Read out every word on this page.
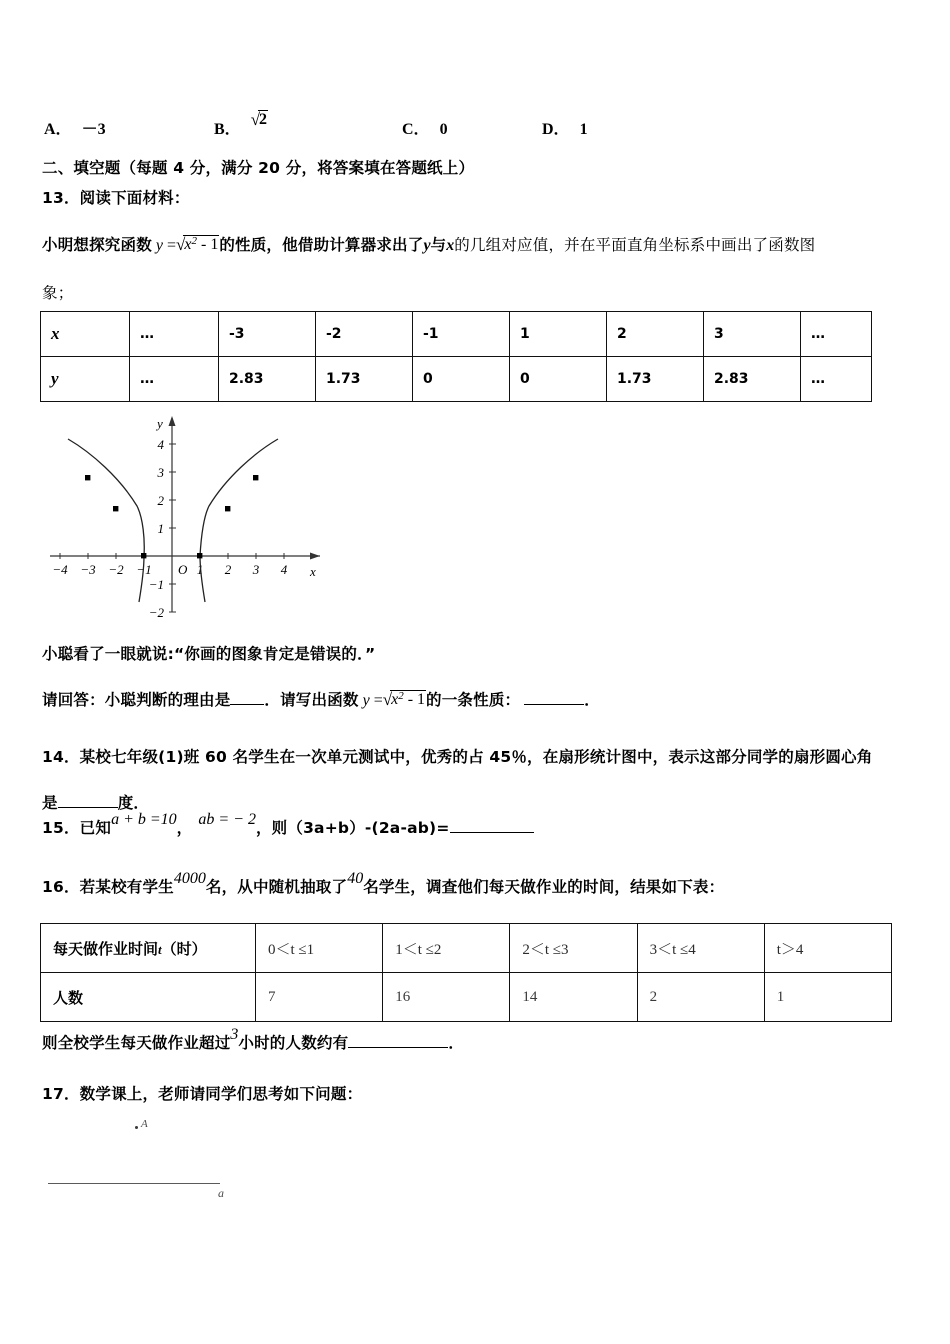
A． －3	B．√2
C． 0	D． 1
二、填空题（每题 4 分，满分 20 分，将答案填在答题纸上）
13．阅读下面材料：
小明想探究函数 $y =√x^2 - 1$的性质，他借助计算器求出了y与x的几组对应值，并在平面直角坐标系中画出了函数图
象；
x	…	-3	-2	-1	1	2	3	…
y	…	2.83	1.73	0	0	1.73	2.83	…
−4 −3 −2 −1	1 2 3 4
4
3
2
1
−1
−2
O	x
y
小聪看了一眼就说:“你画的图象肯定是错误的．”
请回答：小聪判断的理由是 ．请写出函数 $y =√x^2 - 1$的一条性质：	．
14．某校七年级(1)班 60 名学生在一次单元测试中，优秀的占 45％，在扇形统计图中，表示这部分同学的扇形圆心角
是	度．
15．已知a + b =10， ab = − 2，则（3a+b）-(2a-ab)=
16．若某校有学生4000名，从中随机抽取了40名学生，调查他们每天做作业的时间，结果如下表：
每天做作业时间t（时）	0＜t ≤1	1＜t ≤2	2＜t ≤3	3＜t ≤4	t＞4
人数	7	16	14	2	1
则全校学生每天做作业超过3小时的人数约有	．
17．数学课上，老师请同学们思考如下问题：
A
a
